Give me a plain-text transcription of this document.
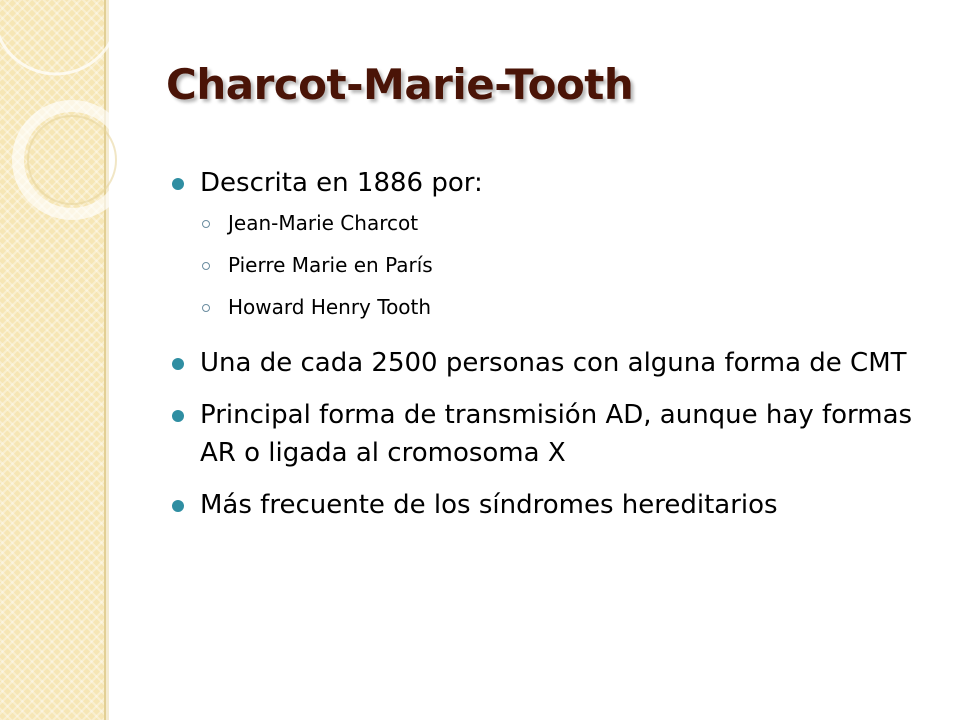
Charcot-Marie-Tooth
Descrita en 1886 por:
Jean-Marie Charcot
Pierre Marie en París
Howard Henry Tooth
Una de cada 2500 personas con alguna forma de CMT
Principal forma de transmisión AD, aunque hay formas AR o ligada al cromosoma X
Más frecuente de los síndromes hereditarios
